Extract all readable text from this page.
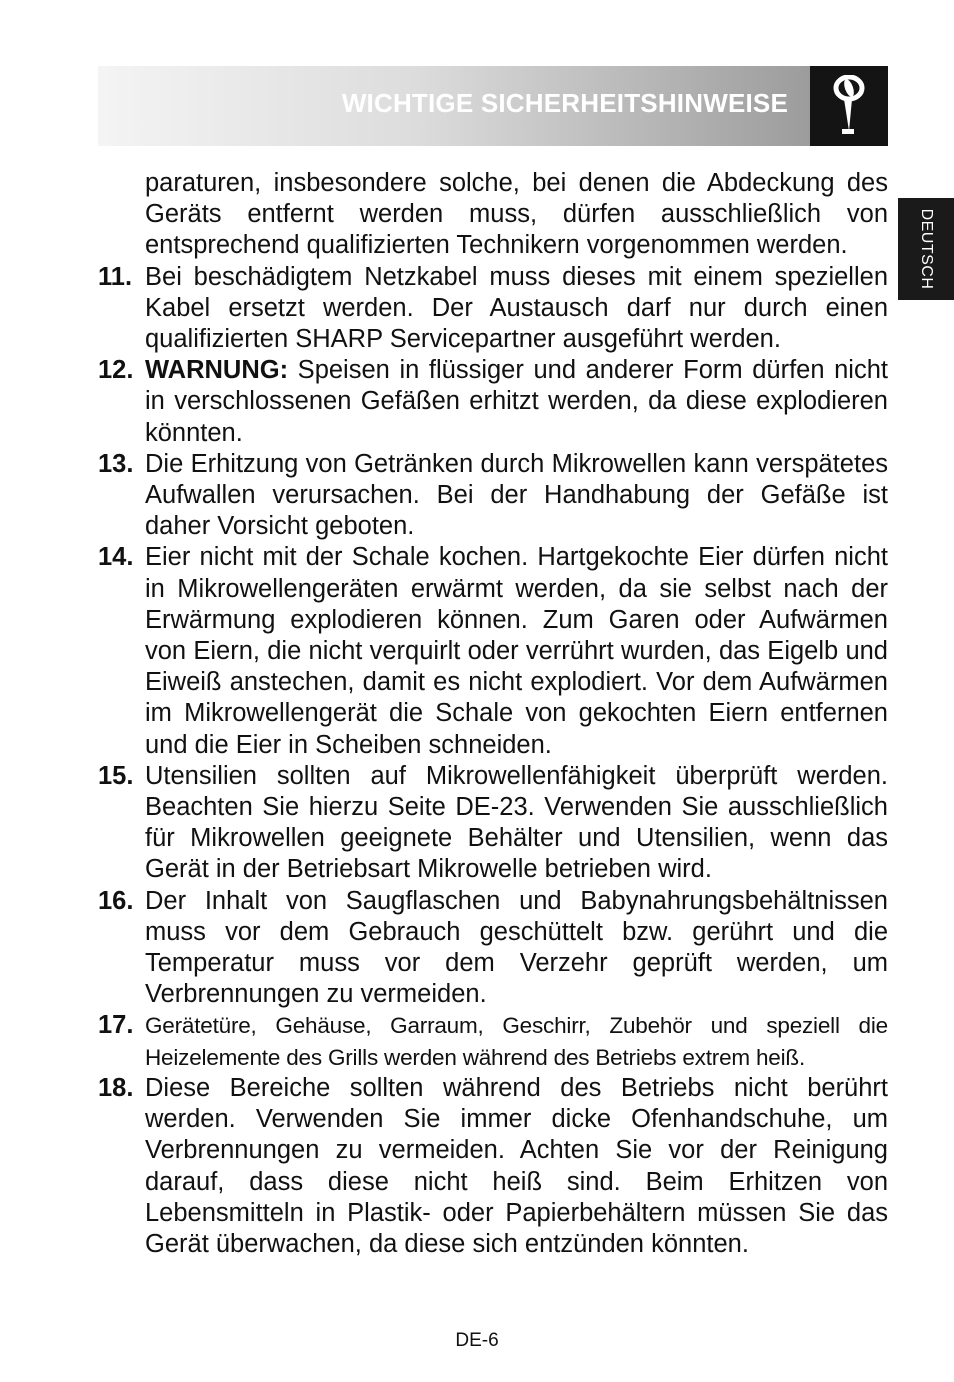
WICHTIGE SICHERHEITSHINWEISE
DEUTSCH
paraturen, insbesondere solche, bei denen die Abdeckung des Geräts entfernt werden muss, dürfen ausschließlich von entsprechend qualifizierten Technikern vorgenommen werden.
11. Bei beschädigtem Netzkabel muss dieses mit einem speziellen Kabel ersetzt werden. Der Austausch darf nur durch einen qualifizierten SHARP Servicepartner ausgeführt werden.
12. WARNUNG: Speisen in flüssiger und anderer Form dürfen nicht in verschlossenen Gefäßen erhitzt werden, da diese explodieren könnten.
13. Die Erhitzung von Getränken durch Mikrowellen kann verspätetes Aufwallen verursachen. Bei der Handhabung der Gefäße ist daher Vorsicht geboten.
14. Eier nicht mit der Schale kochen. Hartgekochte Eier dürfen nicht in Mikrowellengeräten erwärmt werden, da sie selbst nach der Erwärmung explodieren können. Zum Garen oder Aufwärmen von Eiern, die nicht verquirlt oder verrührt wurden, das Eigelb und Eiweiß anstechen, damit es nicht explodiert. Vor dem Aufwärmen im Mikrowellengerät die Schale von gekochten Eiern entfernen und die Eier in Scheiben schneiden.
15. Utensilien sollten auf Mikrowellenfähigkeit überprüft werden. Beachten Sie hierzu Seite DE-23. Verwenden Sie ausschließlich für Mikrowellen geeignete Behälter und Utensilien, wenn das Gerät in der Betriebsart Mikrowelle betrieben wird.
16. Der Inhalt von Saugflaschen und Babynahrungsbehältnissen muss vor dem Gebrauch geschüttelt bzw. gerührt und die Temperatur muss vor dem Verzehr geprüft werden, um Verbrennungen zu vermeiden.
17. Gerätetüre, Gehäuse, Garraum, Geschirr, Zubehör und speziell die Heizelemente des Grills werden während des Betriebs extrem heiß.
18. Diese Bereiche sollten während des Betriebs nicht berührt werden. Verwenden Sie immer dicke Ofenhandschuhe, um Verbrennungen zu vermeiden. Achten Sie vor der Reinigung darauf, dass diese nicht heiß sind. Beim Erhitzen von Lebensmitteln in Plastik- oder Papierbehältern müssen Sie das Gerät überwachen, da diese sich entzünden könnten.
DE-6
